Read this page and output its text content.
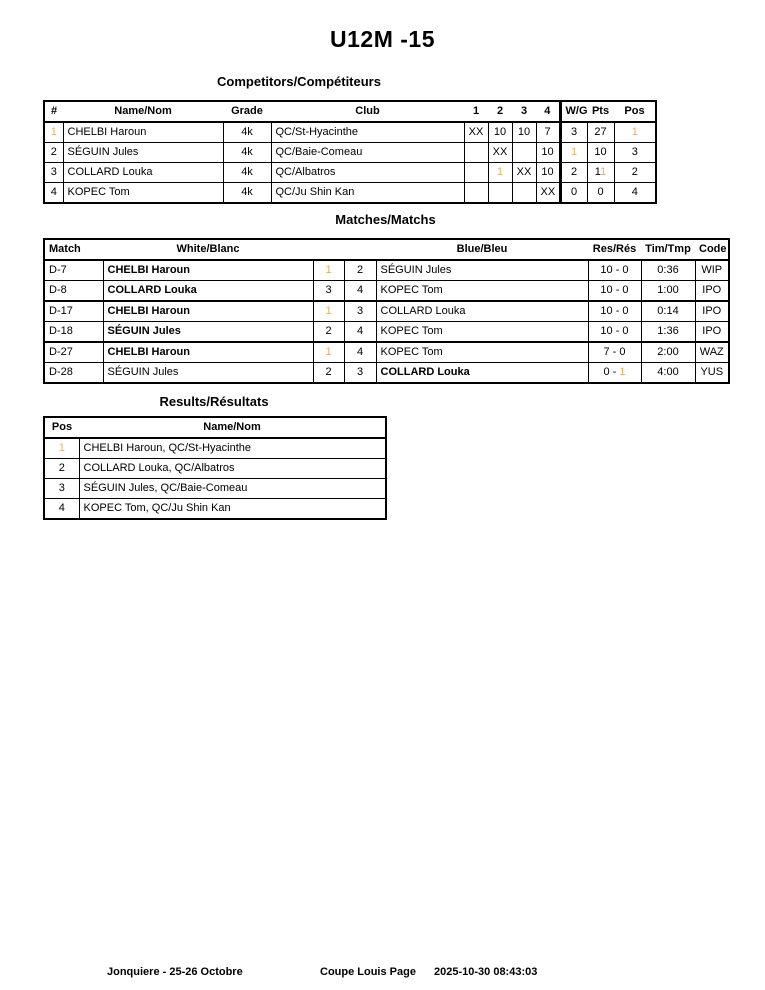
U12M -15
Competitors/Compétiteurs
#	Name/Nom	Grade	Club	1	2	3	4	W/G	Pts	Pos
1	CHELBI Haroun	4k	QC/St-Hyacinthe	XX	10	10	7	3	27	1
2	SÉGUIN Jules	4k	QC/Baie-Comeau		XX		10	1	10	3
3	COLLARD Louka	4k	QC/Albatros		1	XX	10	2	11	2
4	KOPEC Tom	4k	QC/Ju Shin Kan				XX	0	0	4
Matches/Matchs
Match	White/Blanc			Blue/Bleu	Res/Rés	Tim/Tmp	Code
D-7	CHELBI Haroun	1	2	SÉGUIN Jules	10 - 0	0:36	WIP
D-8	COLLARD Louka	3	4	KOPEC Tom	10 - 0	1:00	IPO
D-17	CHELBI Haroun	1	3	COLLARD Louka	10 - 0	0:14	IPO
D-18	SÉGUIN Jules	2	4	KOPEC Tom	10 - 0	1:36	IPO
D-27	CHELBI Haroun	1	4	KOPEC Tom	7 - 0	2:00	WAZ
D-28	SÉGUIN Jules	2	3	COLLARD Louka	0 - 1	4:00	YUS
Results/Résultats
Pos	Name/Nom
1	CHELBI Haroun, QC/St-Hyacinthe
2	COLLARD Louka, QC/Albatros
3	SÉGUIN Jules, QC/Baie-Comeau
4	KOPEC Tom, QC/Ju Shin Kan
Jonquiere - 25-26 Octobre	Coupe Louis Page 2025-10-30 08:43:03
